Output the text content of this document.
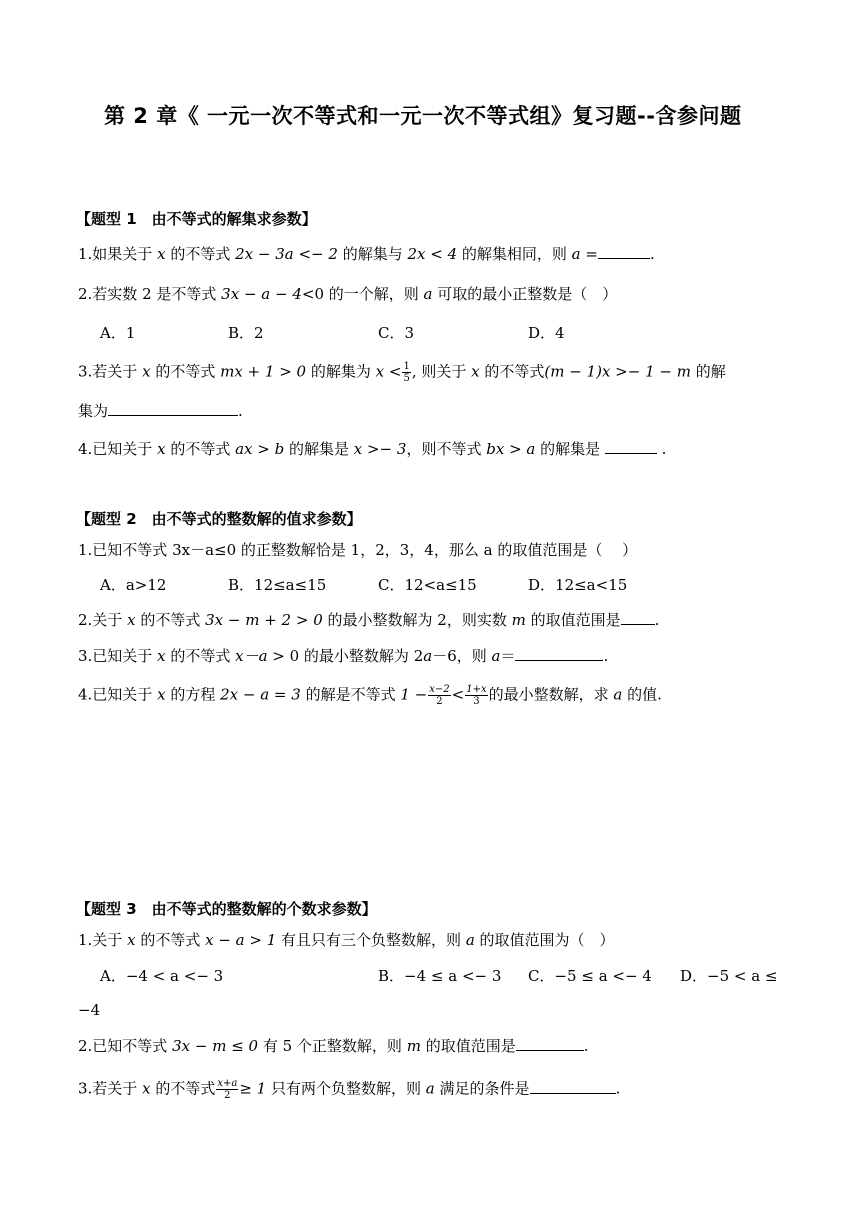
第 2 章《 一元一次不等式和一元一次不等式组》复习题--含参问题
【题型 1　由不等式的解集求参数】
1.如果关于 x 的不等式 2x − 3a <− 2 的解集与 2x < 4 的解集相同，则 a =	.
2.若实数 2 是不等式 3x − a − 4<0 的一个解，则 a 可取的最小正整数是（　）
A．1	B．2	C．3	D．4
3.若关于 x 的不等式 mx + 1 > 0 的解集为 $x < \frac{1}{5}$ , 则关于 x 的不等式(m − 1)x >− 1 − m 的解
集为	.
4.已知关于 x 的不等式 ax > b 的解集是 x >− 3，则不等式 bx > a 的解集是	.
【题型 2　由不等式的整数解的值求参数】
1.已知不等式 3x－a≤0 的正整数解恰是 1，2，3，4，那么 a 的取值范围是（　 ）
A．a>12	B．12≤a≤15	C．12<a≤15	D．12≤a<15
2.关于 x 的不等式 3x − m + 2 > 0 的最小整数解为 2，则实数 m 的取值范围是 .
3.已知关于 x 的不等式 x－a > 0 的最小整数解为 2a－6，则 a＝	.
4.已知关于 x 的方程 2x − a = 3 的解是不等式 $1 - \frac{x-2}{2} < \frac{1+x}{3}$ 的最小整数解，求 a 的值.
【题型 3　由不等式的整数解的个数求参数】
1.关于 x 的不等式 x − a > 1 有且只有三个负整数解，则 a 的取值范围为（　）
A．−4 < a <− 3	B．−4 ≤ a <− 3 C．−5 ≤ a <− 4 D．−5 < a ≤
−4
2.已知不等式 3x − m ≤ 0 有 5 个正整数解，则 m 的取值范围是	.
3.若关于 x 的不等式 $\frac{x+a}{2} \ge 1$ 只有两个负整数解，则 a 满足的条件是	.
